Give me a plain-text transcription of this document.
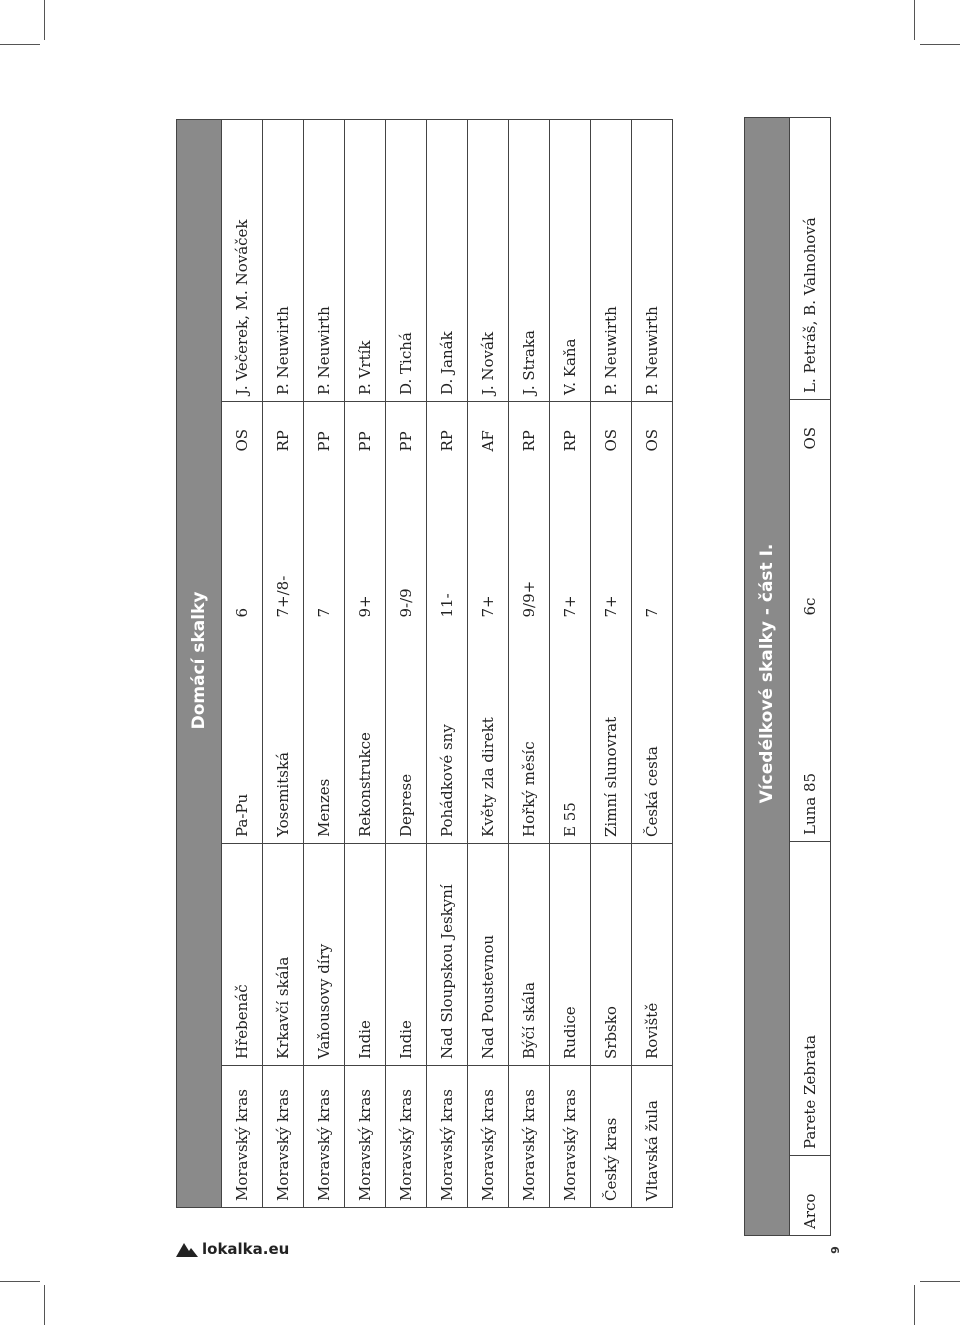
lokalka.eu	9
Domácí skalky					
Moravský kras	Hřebenáč	Pa-Pu	6	OS	J. Večerek, M. Nováček
Moravský kras	Krkavčí skála	Yosemitská	7+/8-	RP	P. Neuwirth
Moravský kras	Vaňousovy díry	Menzes	7	PP	P. Neuwirth
Moravský kras	Indie	Rekonstrukce	9+	PP	P. Vrtík
Moravský kras	Indie	Deprese	9-/9	PP	D. Tichá
Moravský kras	Nad Sloupskou Jeskyní	Pohádkové sny	11-	RP	D. Janák
Moravský kras	Nad Poustevnou	Květy zla direkt	7+	AF	J. Novák
Moravský kras	Býčí skála	Hořký měsíc	9/9+	RP	J. Straka
Moravský kras	Rudice	E 55	7+	RP	V. Kaňa
Český kras	Srbsko	Zimní slunovrat	7+	OS	P. Neuwirth
Vltavská žula	Roviště	Česká cesta	7	OS	P. Neuwirth
Vícedélkové skalky - část I.
Arco	Parete Zebrata	Luna 85	6c	OS	L. Petráš, B. Valnohová
